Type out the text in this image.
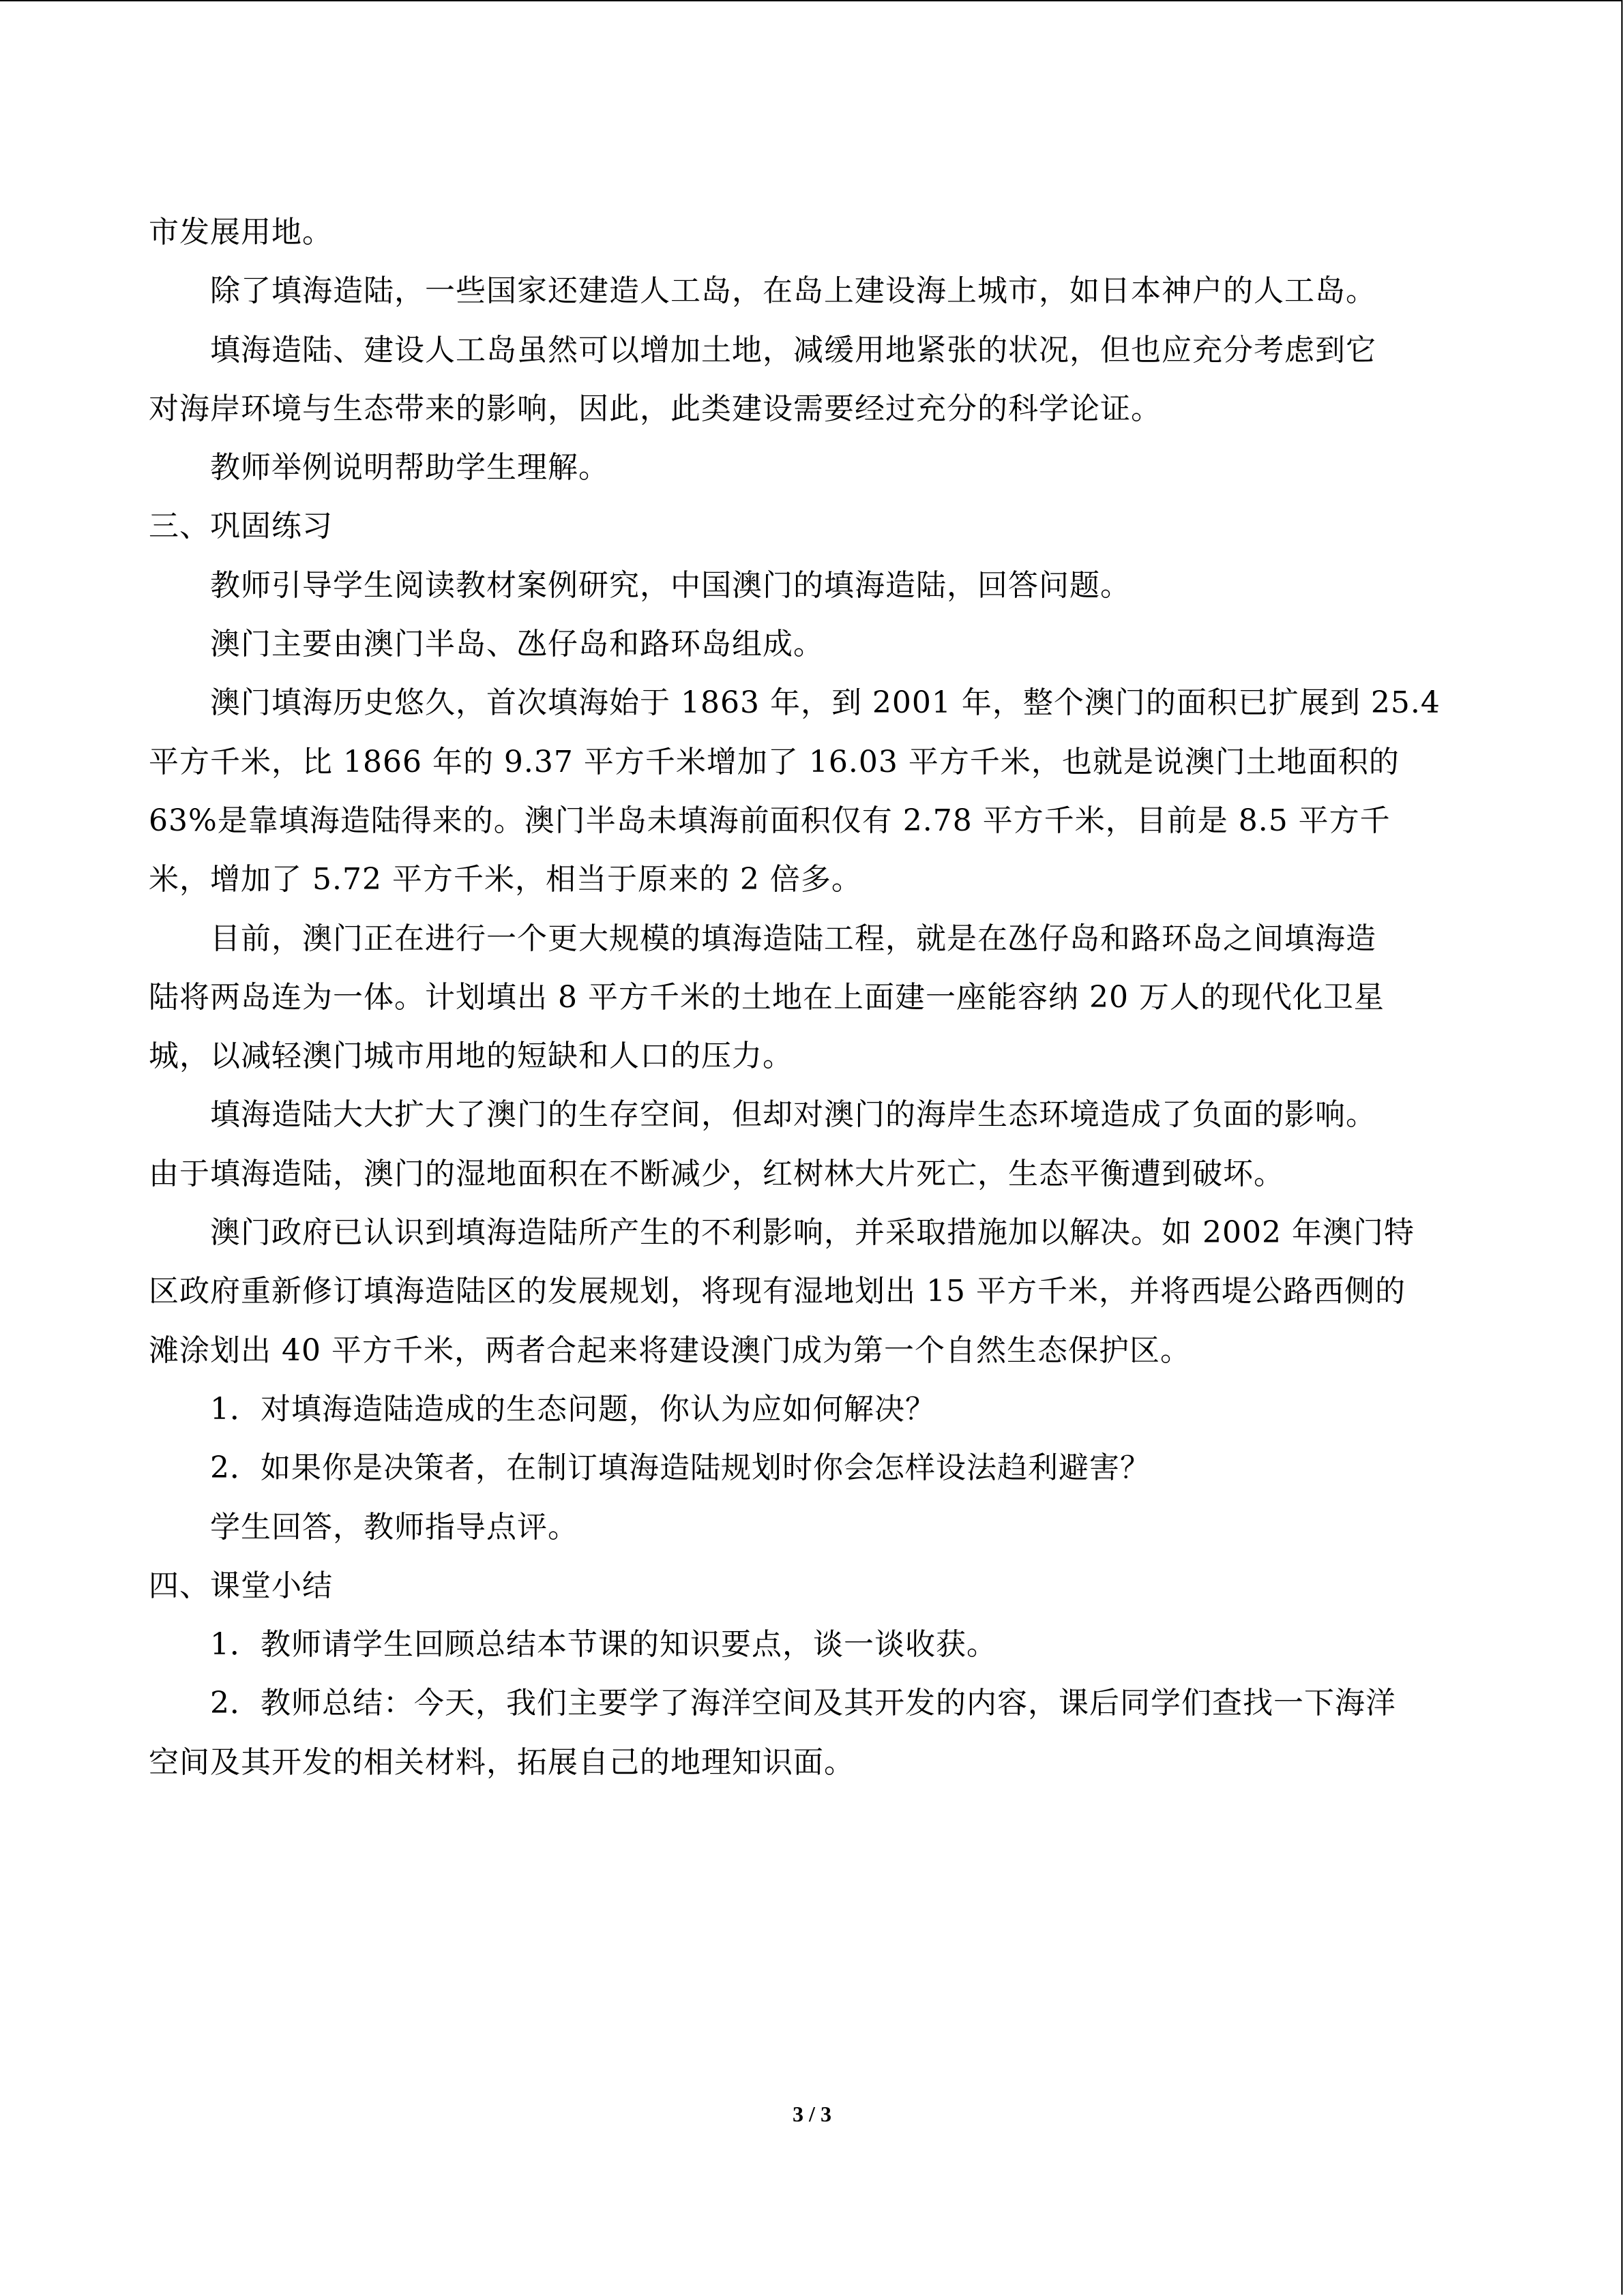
市发展用地。
除了填海造陆，一些国家还建造人工岛，在岛上建设海上城市，如日本神户的人工岛。
填海造陆、建设人工岛虽然可以增加土地，减缓用地紧张的状况，但也应充分考虑到它
对海岸环境与生态带来的影响，因此，此类建设需要经过充分的科学论证。
教师举例说明帮助学生理解。
三、巩固练习
教师引导学生阅读教材案例研究，中国澳门的填海造陆，回答问题。
澳门主要由澳门半岛、氹仔岛和路环岛组成。
澳门填海历史悠久，首次填海始于 1863 年，到 2001 年，整个澳门的面积已扩展到 25.4
平方千米，比 1866 年的 9.37 平方千米增加了 16.03 平方千米，也就是说澳门土地面积的
63%是靠填海造陆得来的。澳门半岛未填海前面积仅有 2.78 平方千米，目前是 8.5 平方千
米，增加了 5.72 平方千米，相当于原来的 2 倍多。
目前，澳门正在进行一个更大规模的填海造陆工程，就是在氹仔岛和路环岛之间填海造
陆将两岛连为一体。计划填出 8 平方千米的土地在上面建一座能容纳 20 万人的现代化卫星
城，以减轻澳门城市用地的短缺和人口的压力。
填海造陆大大扩大了澳门的生存空间，但却对澳门的海岸生态环境造成了负面的影响。
由于填海造陆，澳门的湿地面积在不断减少，红树林大片死亡，生态平衡遭到破坏。
澳门政府已认识到填海造陆所产生的不利影响，并采取措施加以解决。如 2002 年澳门特
区政府重新修订填海造陆区的发展规划，将现有湿地划出 15 平方千米，并将西堤公路西侧的
滩涂划出 40 平方千米，两者合起来将建设澳门成为第一个自然生态保护区。
1．对填海造陆造成的生态问题，你认为应如何解决？
2．如果你是决策者，在制订填海造陆规划时你会怎样设法趋利避害？
学生回答，教师指导点评。
四、课堂小结
1．教师请学生回顾总结本节课的知识要点，谈一谈收获。
2．教师总结：今天，我们主要学了海洋空间及其开发的内容，课后同学们查找一下海洋
空间及其开发的相关材料，拓展自己的地理知识面。
3 / 3
